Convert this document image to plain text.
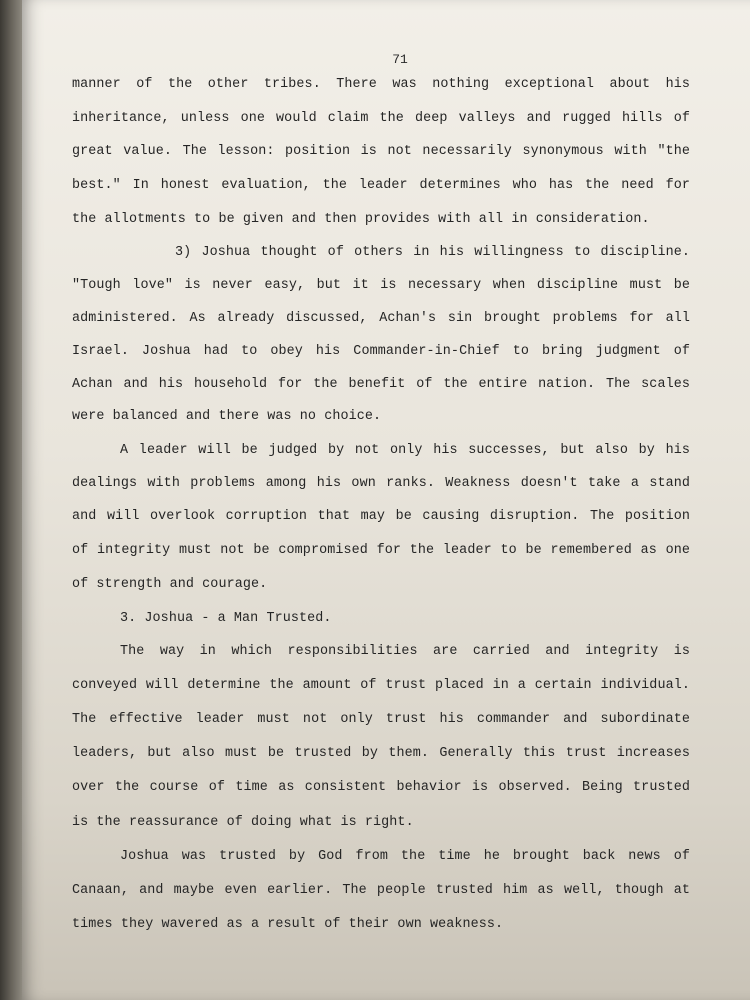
71
manner of the other tribes. There was nothing exceptional about his
inheritance, unless one would claim the deep valleys and rugged hills of
great value. The lesson: position is not necessarily synonymous with "the
best." In honest evaluation, the leader determines who has the need for
the allotments to be given and then provides with all in consideration.
3) Joshua thought of others in his willingness to discipline.
"Tough love" is never easy, but it is necessary when discipline must be
administered. As already discussed, Achan's sin brought problems for all
Israel. Joshua had to obey his Commander-in-Chief to bring judgment of
Achan and his household for the benefit of the entire nation. The scales
were balanced and there was no choice.
A leader will be judged by not only his successes, but also by his
dealings with problems among his own ranks. Weakness doesn't take a stand
and will overlook corruption that may be causing disruption. The position
of integrity must not be compromised for the leader to be remembered as one
of strength and courage.
3. Joshua - a Man Trusted.
The way in which responsibilities are carried and integrity is
conveyed will determine the amount of trust placed in a certain individual.
The effective leader must not only trust his commander and subordinate
leaders, but also must be trusted by them. Generally this trust increases
over the course of time as consistent behavior is observed. Being trusted
is the reassurance of doing what is right.
Joshua was trusted by God from the time he brought back news of
Canaan, and maybe even earlier. The people trusted him as well, though at
times they wavered as a result of their own weakness.
